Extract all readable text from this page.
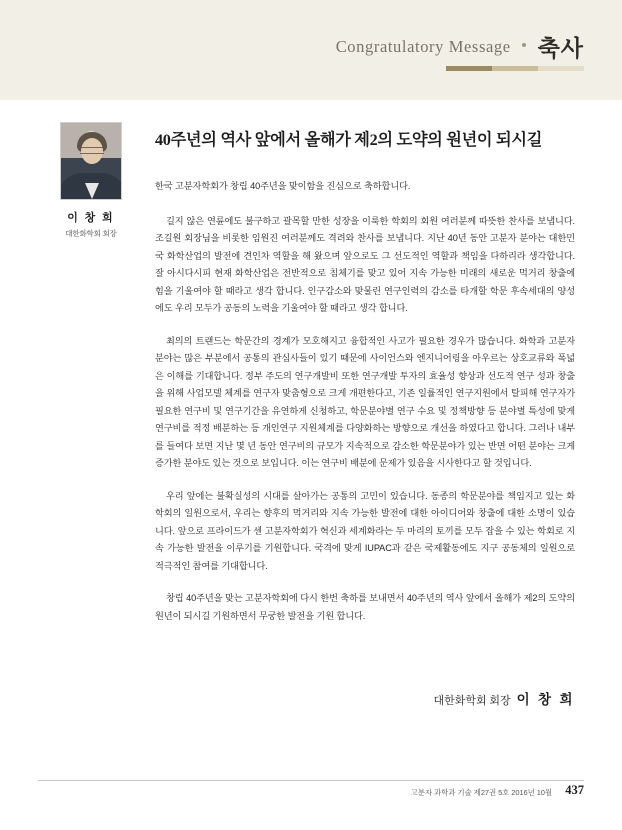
Congratulatory Message 축사
40주년의 역사 앞에서 올해가 제2의 도약의 원년이 되시길
이 창 희
대한화학회 회장

한국 고분자학회가 창립 40주년을 맞이함을 진심으로 축하합니다.

길지 않은 연륜에도 불구하고 괄목할 만한 성장을 이룩한 학회의 회원 여러분께 따뜻한 찬사를 보냅니다. 조길원 회장님을 비롯한 임원진 여러분께도 격려와 찬사를 보냅니다. 지난 40년 동안 고분자 분야는 대한민국 화학산업의 발전에 견인차 역할을 해 왔으며 앞으로도 그 선도적인 역할과 책임을 다하리라 생각합니다. 잘 아시다시피 현재 화학산업은 전반적으로 침체기를 맞고 있어 지속 가능한 미래의 새로운 먹거리 창출에 힘을 기울여야 할 때라고 생각 합니다. 인구감소와 맞물린 연구인력의 감소를 타개할 학문 후속세대의 양성에도 우리 모두가 공동의 노력을 기울여야 할 때라고 생각 합니다.

최의의 트랜드는 학문간의 경계가 모호해지고 융합적인 사고가 필요한 경우가 많습니다. 화학과 고분자 분야는 많은 부분에서 공통의 관심사들이 있기 때문에 사이언스와 엔지니어링을 아우르는 상호교류와 폭넓은 이해를 기대합니다. 정부 주도의 연구개발비 또한 연구개발 투자의 효율성 향상과 선도적 연구 성과 창출을 위해 사업모델 체계를 연구자 맞춤형으로 크게 개편한다고, 기존 일률적인 연구지원에서 탈피해 연구자가 필요한 연구비 및 연구기간을 유연하게 신청하고, 학문분야별 연구 수요 및 정책방향 등 분야별 특성에 맞게 연구비를 적정 배분하는 등 개인연구 지원체계를 다양화하는 방향으로 개선을 하였다고 합니다. 그러나 내부를 들여다 보면 지난 몇 년 동안 연구비의 규모가 지속적으로 감소한 학문분야가 있는 반면 어떤 분야는 크게 증가한 분야도 있는 것으로 보입니다. 이는 연구비 배분에 문제가 있음을 시사한다고 할 것입니다.

우리 앞에는 불확실성의 시대를 살아가는 공통의 고민이 있습니다. 동종의 학문분야를 책임지고 있는 화학회의 일원으로서, 우리는 향후의 먹거리와 지속 가능한 발전에 대한 아이디어와 창출에 대한 소명이 있습니다. 앞으로 프라이드가 센 고분자학회가 혁신과 세계화라는 두 마리의 토끼를 모두 잡을 수 있는 학회로 지속 가능한 발전을 이루기를 기원합니다. 국격에 맞게 IUPAC과 같은 국제활동에도 지구 공동체의 일원으로 적극적인 참여를 기대합니다.

창립 40주년을 맞는 고분자학회에 다시 한번 축하를 보내면서 40주년의 역사 앞에서 올해가 제2의 도약의 원년이 되시길 기원하면서 무궁한 발전을 기원 합니다.

대한화학회 회장 이 창 희
고분자 과학과 기술 제27권 5호 2016년 10월 437
